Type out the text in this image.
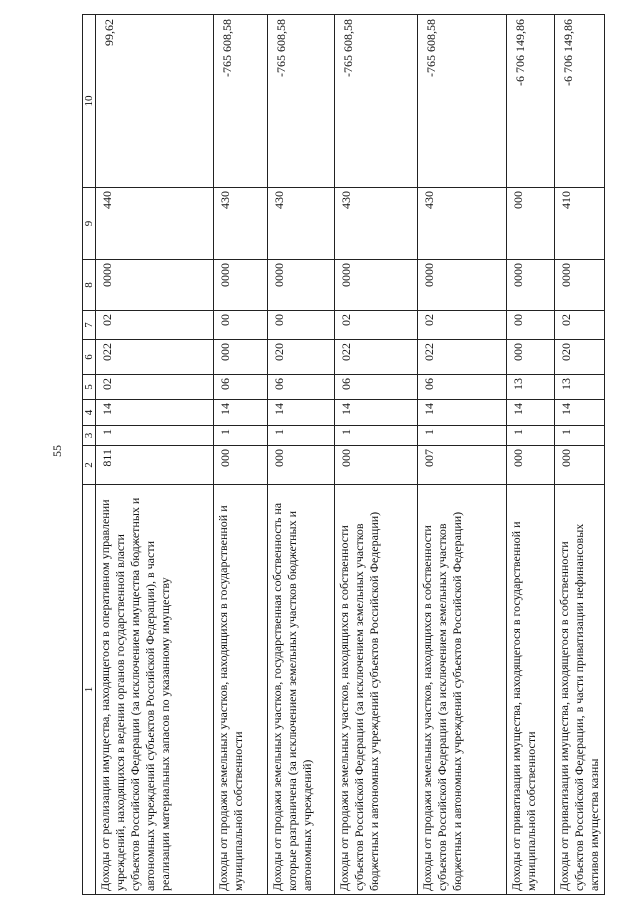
55
1	2	3	4	5	6	7	8	9	10
Доходы от реализации имущества, находящегося в оперативном управлении учреждений, находящихся в ведении органов государственной власти субъектов Российской Федерации (за исключением имущества бюджетных и автономных учреждений субъектов Российской Федерации), в части реализации материальных запасов по указанному имуществу	811	1	14	02	022	02	0000	440	99,62
Доходы от продажи земельных участков, находящихся в государственной и муниципальной собственности	000	1	14	06	000	00	0000	430	-765 608,58
Доходы от продажи земельных участков, государственная собственность на которые разграничена (за исключением земельных участков бюджетных и автономных учреждений)	000	1	14	06	020	00	0000	430	-765 608,58
Доходы от продажи земельных участков, находящихся в собственности субъектов Российской Федерации (за исключением земельных участков бюджетных и автономных учреждений субъектов Российской Федерации)	000	1	14	06	022	02	0000	430	-765 608,58
Доходы от продажи земельных участков, находящихся в собственности субъектов Российской Федерации (за исключением земельных участков бюджетных и автономных учреждений субъектов Российской Федерации)	007	1	14	06	022	02	0000	430	-765 608,58
Доходы от приватизации имущества, находящегося в государственной и муниципальной собственности	000	1	14	13	000	00	0000	000	-6 706 149,86
Доходы от приватизации имущества, находящегося в собственности субъектов Российской Федерации, в части приватизации нефинансовых активов имущества казны	000	1	14	13	020	02	0000	410	-6 706 149,86
